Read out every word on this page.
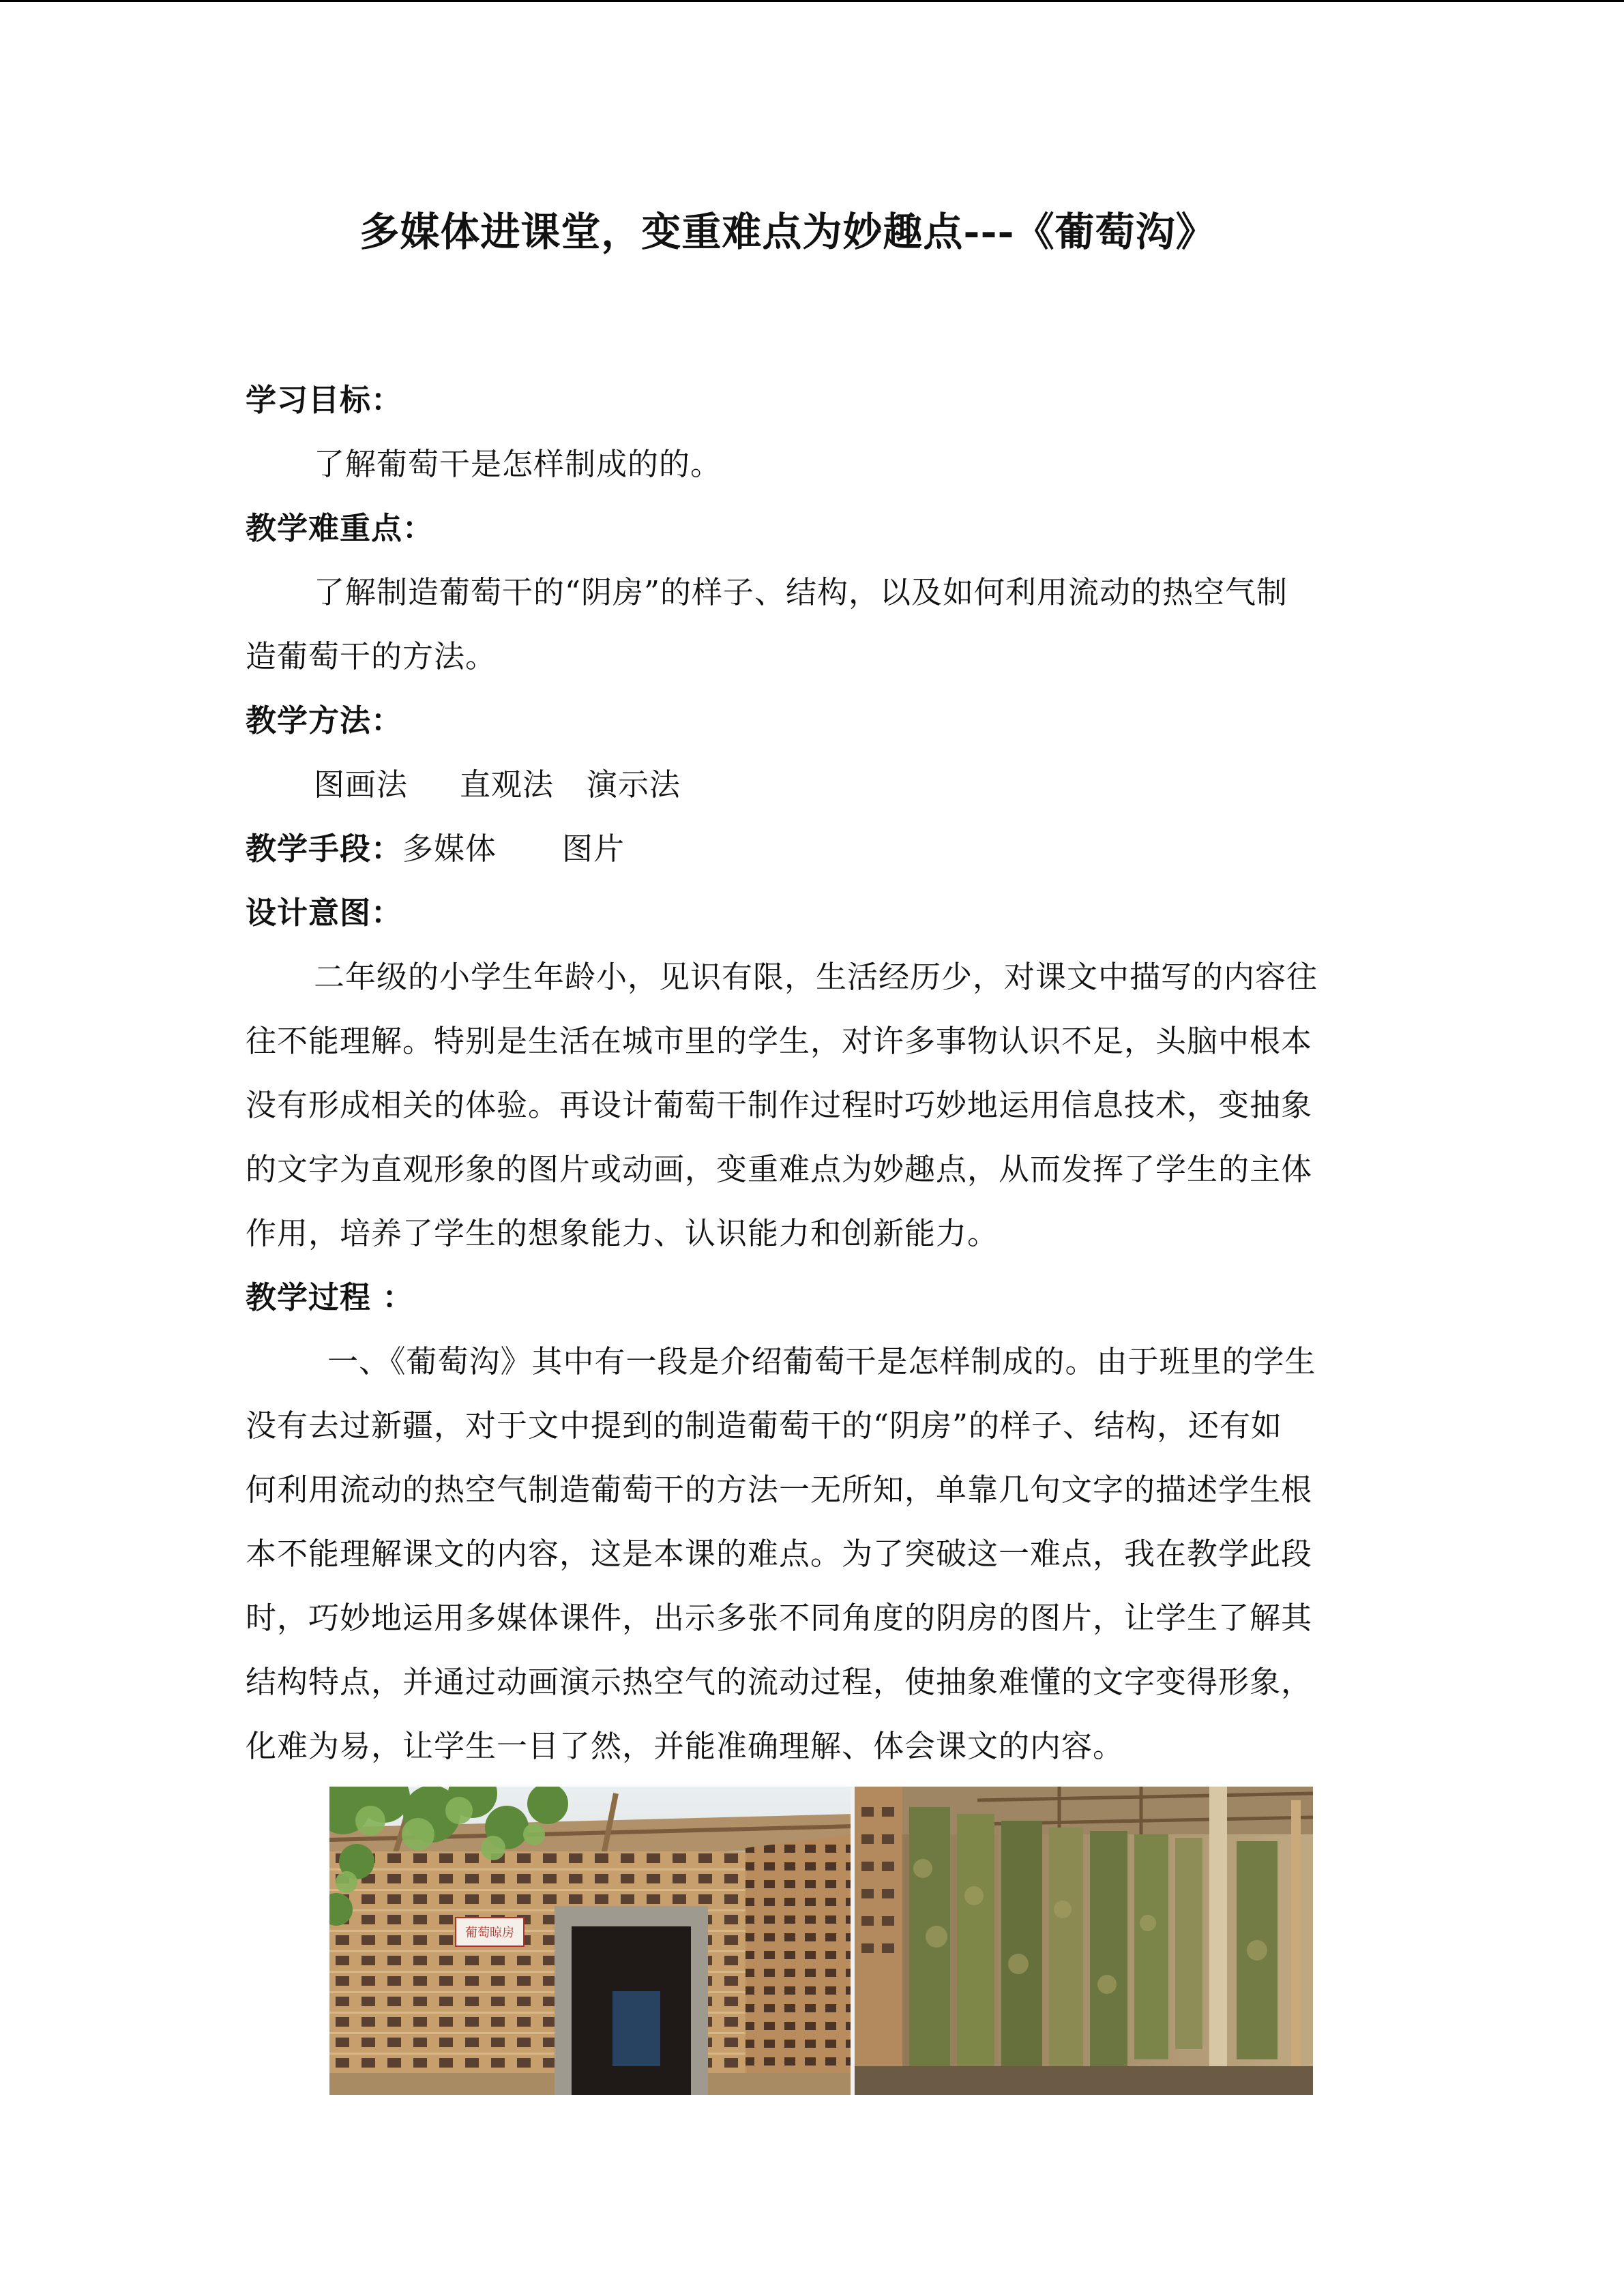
多媒体进课堂，变重难点为妙趣点---《葡萄沟》
学习目标：
了解葡萄干是怎样制成的的。
教学难重点：
了解制造葡萄干的“阴房”的样子、结构，以及如何利用流动的热空气制
造葡萄干的方法。
教学方法：
图画法 直观法 演示法
教学手段：多媒体 图片
设计意图：
二年级的小学生年龄小，见识有限，生活经历少，对课文中描写的内容往
往不能理解。特别是生活在城市里的学生，对许多事物认识不足，头脑中根本
没有形成相关的体验。再设计葡萄干制作过程时巧妙地运用信息技术，变抽象
的文字为直观形象的图片或动画，变重难点为妙趣点，从而发挥了学生的主体
作用，培养了学生的想象能力、认识能力和创新能力。
教学过程 ：
一、《葡萄沟》其中有一段是介绍葡萄干是怎样制成的。由于班里的学生
没有去过新疆，对于文中提到的制造葡萄干的“阴房”的样子、结构，还有如
何利用流动的热空气制造葡萄干的方法一无所知，单靠几句文字的描述学生根
本不能理解课文的内容，这是本课的难点。为了突破这一难点，我在教学此段
时，巧妙地运用多媒体课件，出示多张不同角度的阴房的图片，让学生了解其
结构特点，并通过动画演示热空气的流动过程，使抽象难懂的文字变得形象，
化难为易，让学生一目了然，并能准确理解、体会课文的内容。
葡萄晾房
